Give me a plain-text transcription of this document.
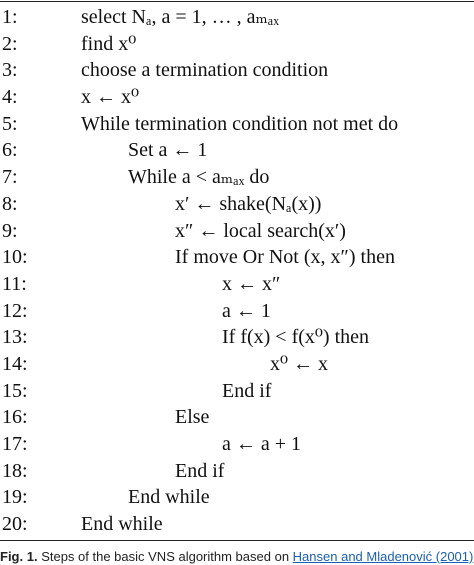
1:	select Nₐ, a = 1, … , aₘₐₓ
2:	find x⁰
3:	choose a termination condition
4:	x ← x⁰
5:	While termination condition not met do
6:	Set a ← 1
7:	While a < aₘₐₓ do
8:	x′ ← shake(Nₐ(x))
9:	x″ ← local search(x′)
10:	If move Or Not (x, x″) then
11:	x ← x″
12:	a ← 1
13:	If f(x) < f(x⁰) then
14:	x⁰ ← x
15:	End if
16:	Else
17:	a ← a + 1
18:	End if
19:	End while
20:	End while
Fig. 1. Steps of the basic VNS algorithm based on Hansen and Mladenović (2001)
